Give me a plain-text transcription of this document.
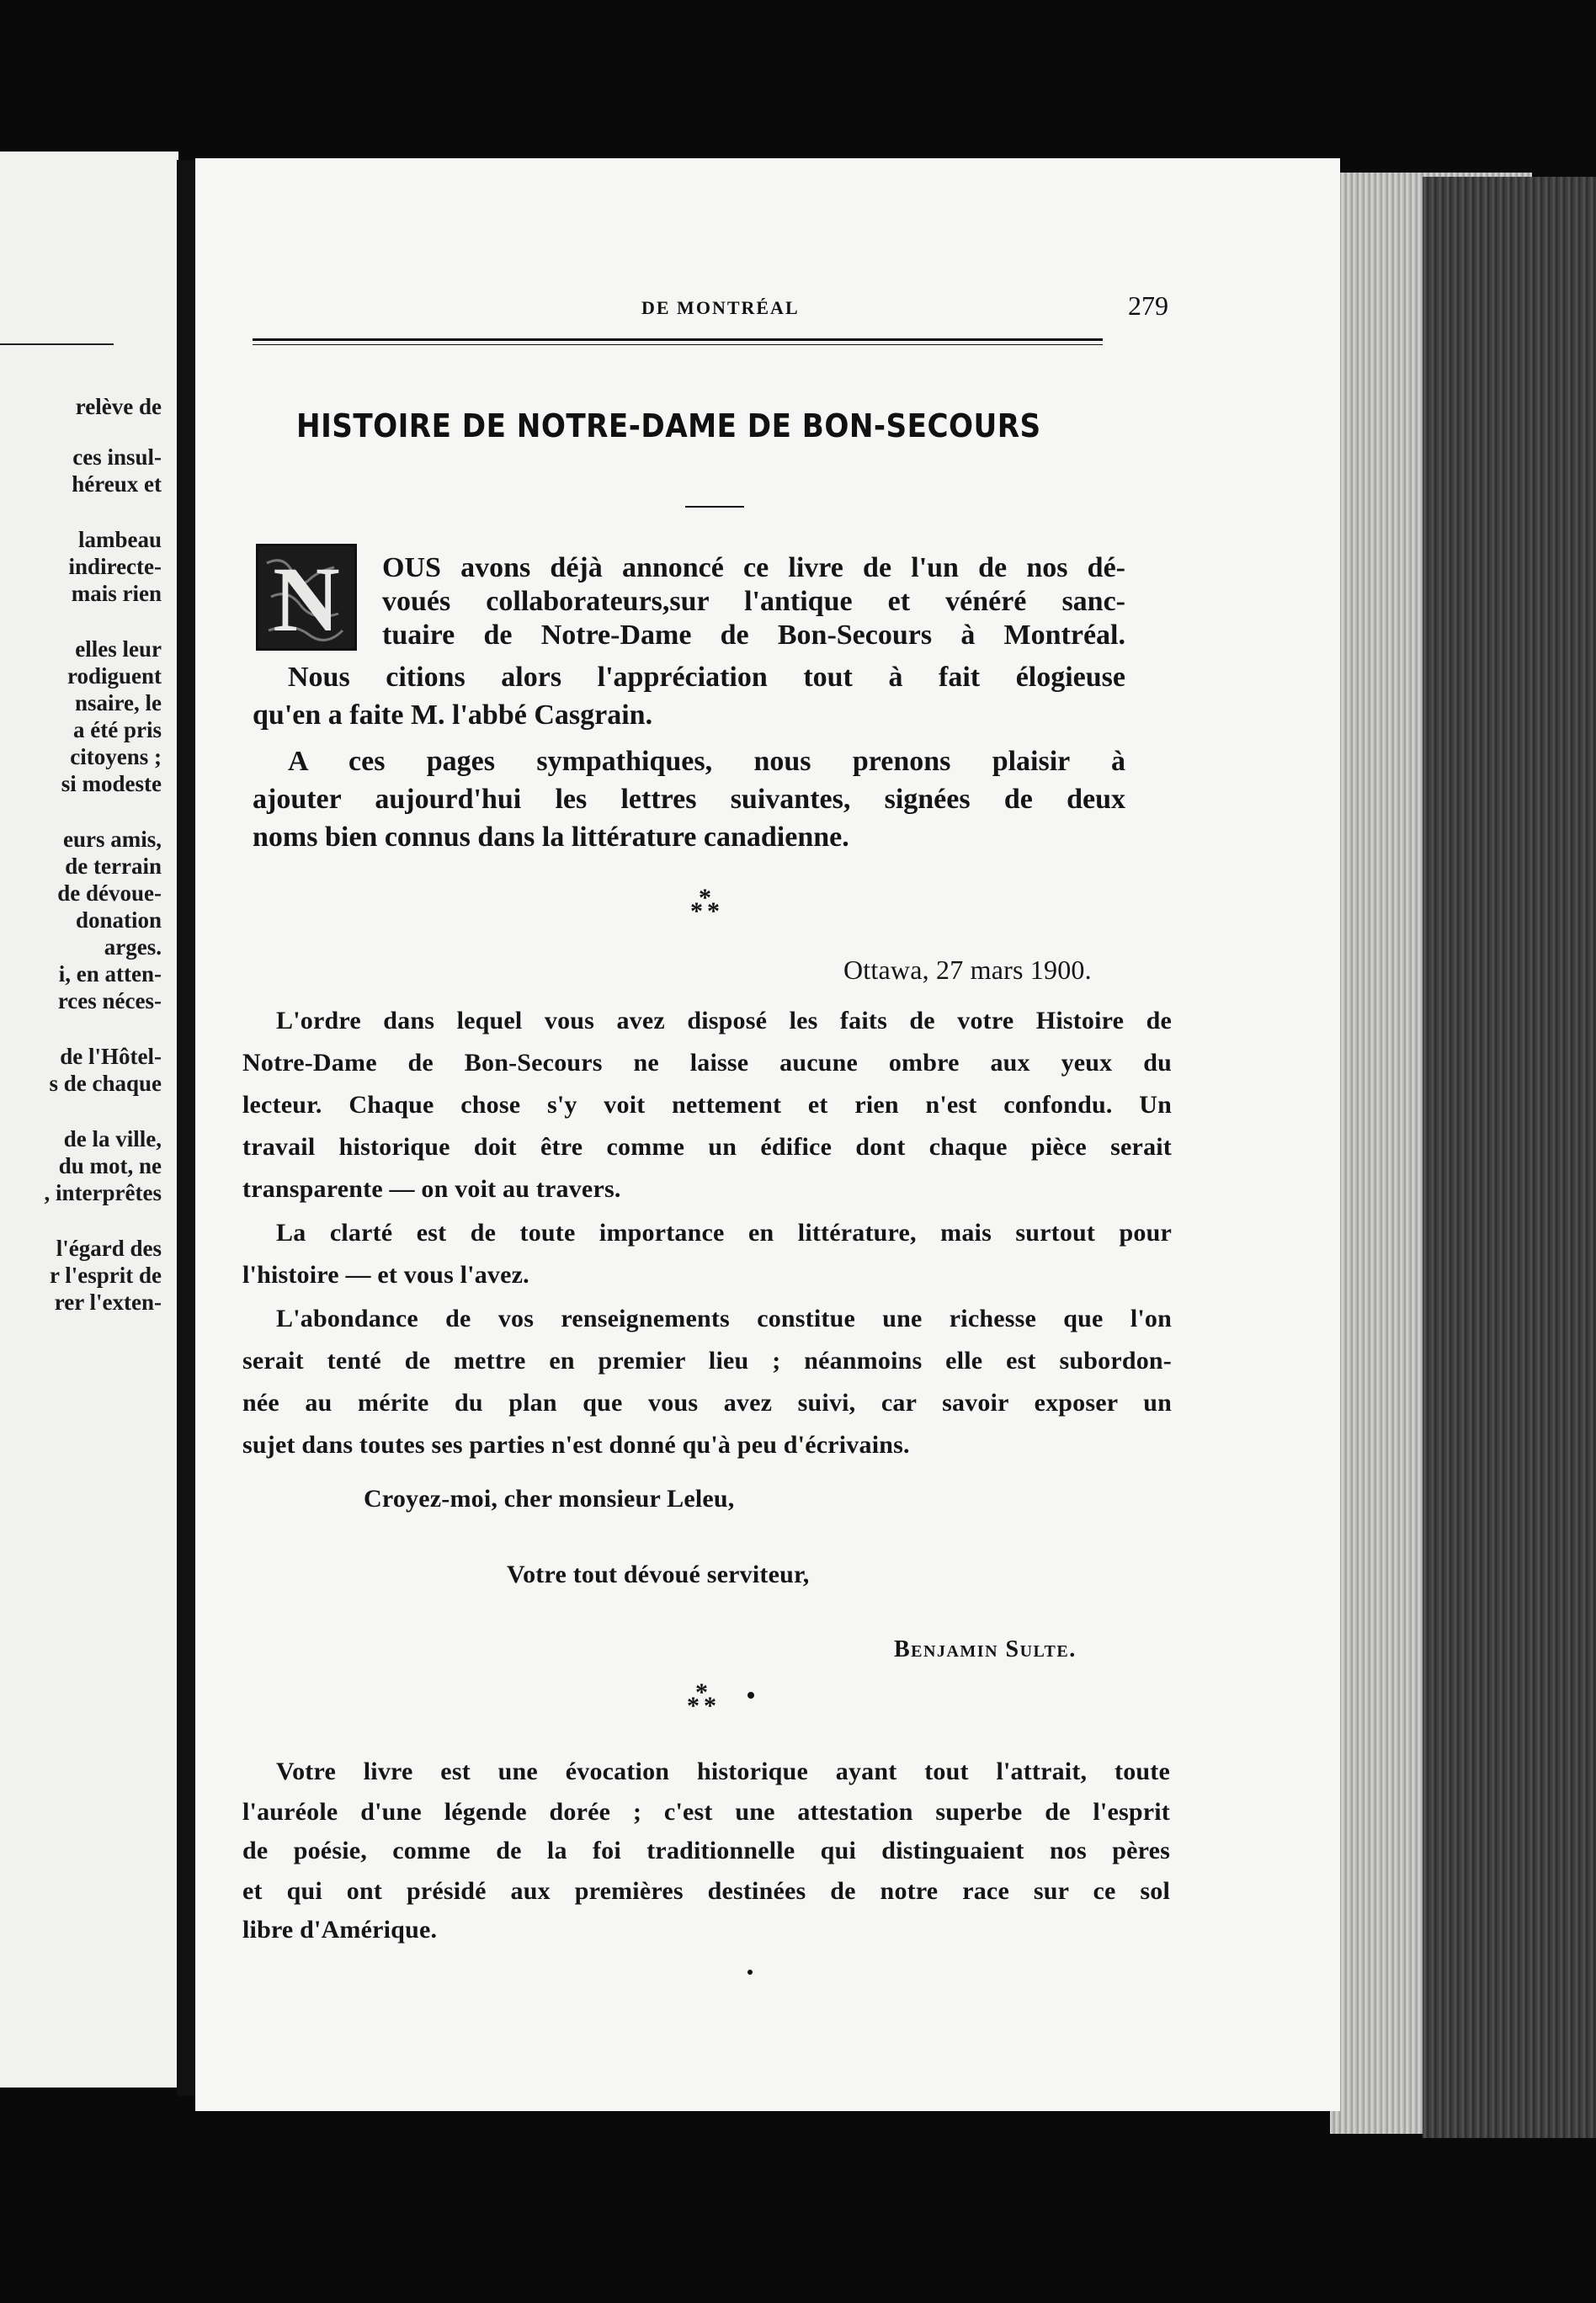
relève de
ces insul-
héreux et
lambeau
indirecte-
mais rien
elles leur
rodiguent
nsaire, le
a été pris
citoyens ;
si modeste
eurs amis,
de terrain
de dévoue-
donation
arges.
i, en atten-
rces néces-
de l'Hôtel-
s de chaque
de la ville,
du mot, ne
, interprêtes
l'égard des
r l'esprit de
rer l'exten-
DE MONTRÉAL	279
HISTOIRE DE NOTRE-DAME DE BON-SECOURS
N OUS avons déjà annoncé ce livre de l'un de nos dé-
voués collaborateurs,sur l'antique et vénéré sanc-
tuaire de Notre-Dame de Bon-Secours à Montréal.
Nous citions alors l'appréciation tout à fait élogieuse
qu'en a faite M. l'abbé Casgrain.
A ces pages sympathiques, nous prenons plaisir à
ajouter aujourd'hui les lettres suivantes, signées de deux
noms bien connus dans la littérature canadienne.
*
* *
Ottawa, 27 mars 1900.
L'ordre dans lequel vous avez disposé les faits de votre Histoire de
Notre-Dame de Bon-Secours ne laisse aucune ombre aux yeux du
lecteur. Chaque chose s'y voit nettement et rien n'est confondu. Un
travail historique doit être comme un édifice dont chaque pièce serait
transparente — on voit au travers.
La clarté est de toute importance en littérature, mais surtout pour
l'histoire — et vous l'avez.
L'abondance de vos renseignements constitue une richesse que l'on
serait tenté de mettre en premier lieu ; néanmoins elle est subordon-
née au mérite du plan que vous avez suivi, car savoir exposer un
sujet dans toutes ses parties n'est donné qu'à peu d'écrivains.
Croyez-moi, cher monsieur Leleu,
Votre tout dévoué serviteur,
Benjamin Sulte.
*
* *
Votre livre est une évocation historique ayant tout l'attrait, toute
l'auréole d'une légende dorée ; c'est une attestation superbe de l'esprit
de poésie, comme de la foi traditionnelle qui distinguaient nos pères
et qui ont présidé aux premières destinées de notre race sur ce sol
libre d'Amérique.
